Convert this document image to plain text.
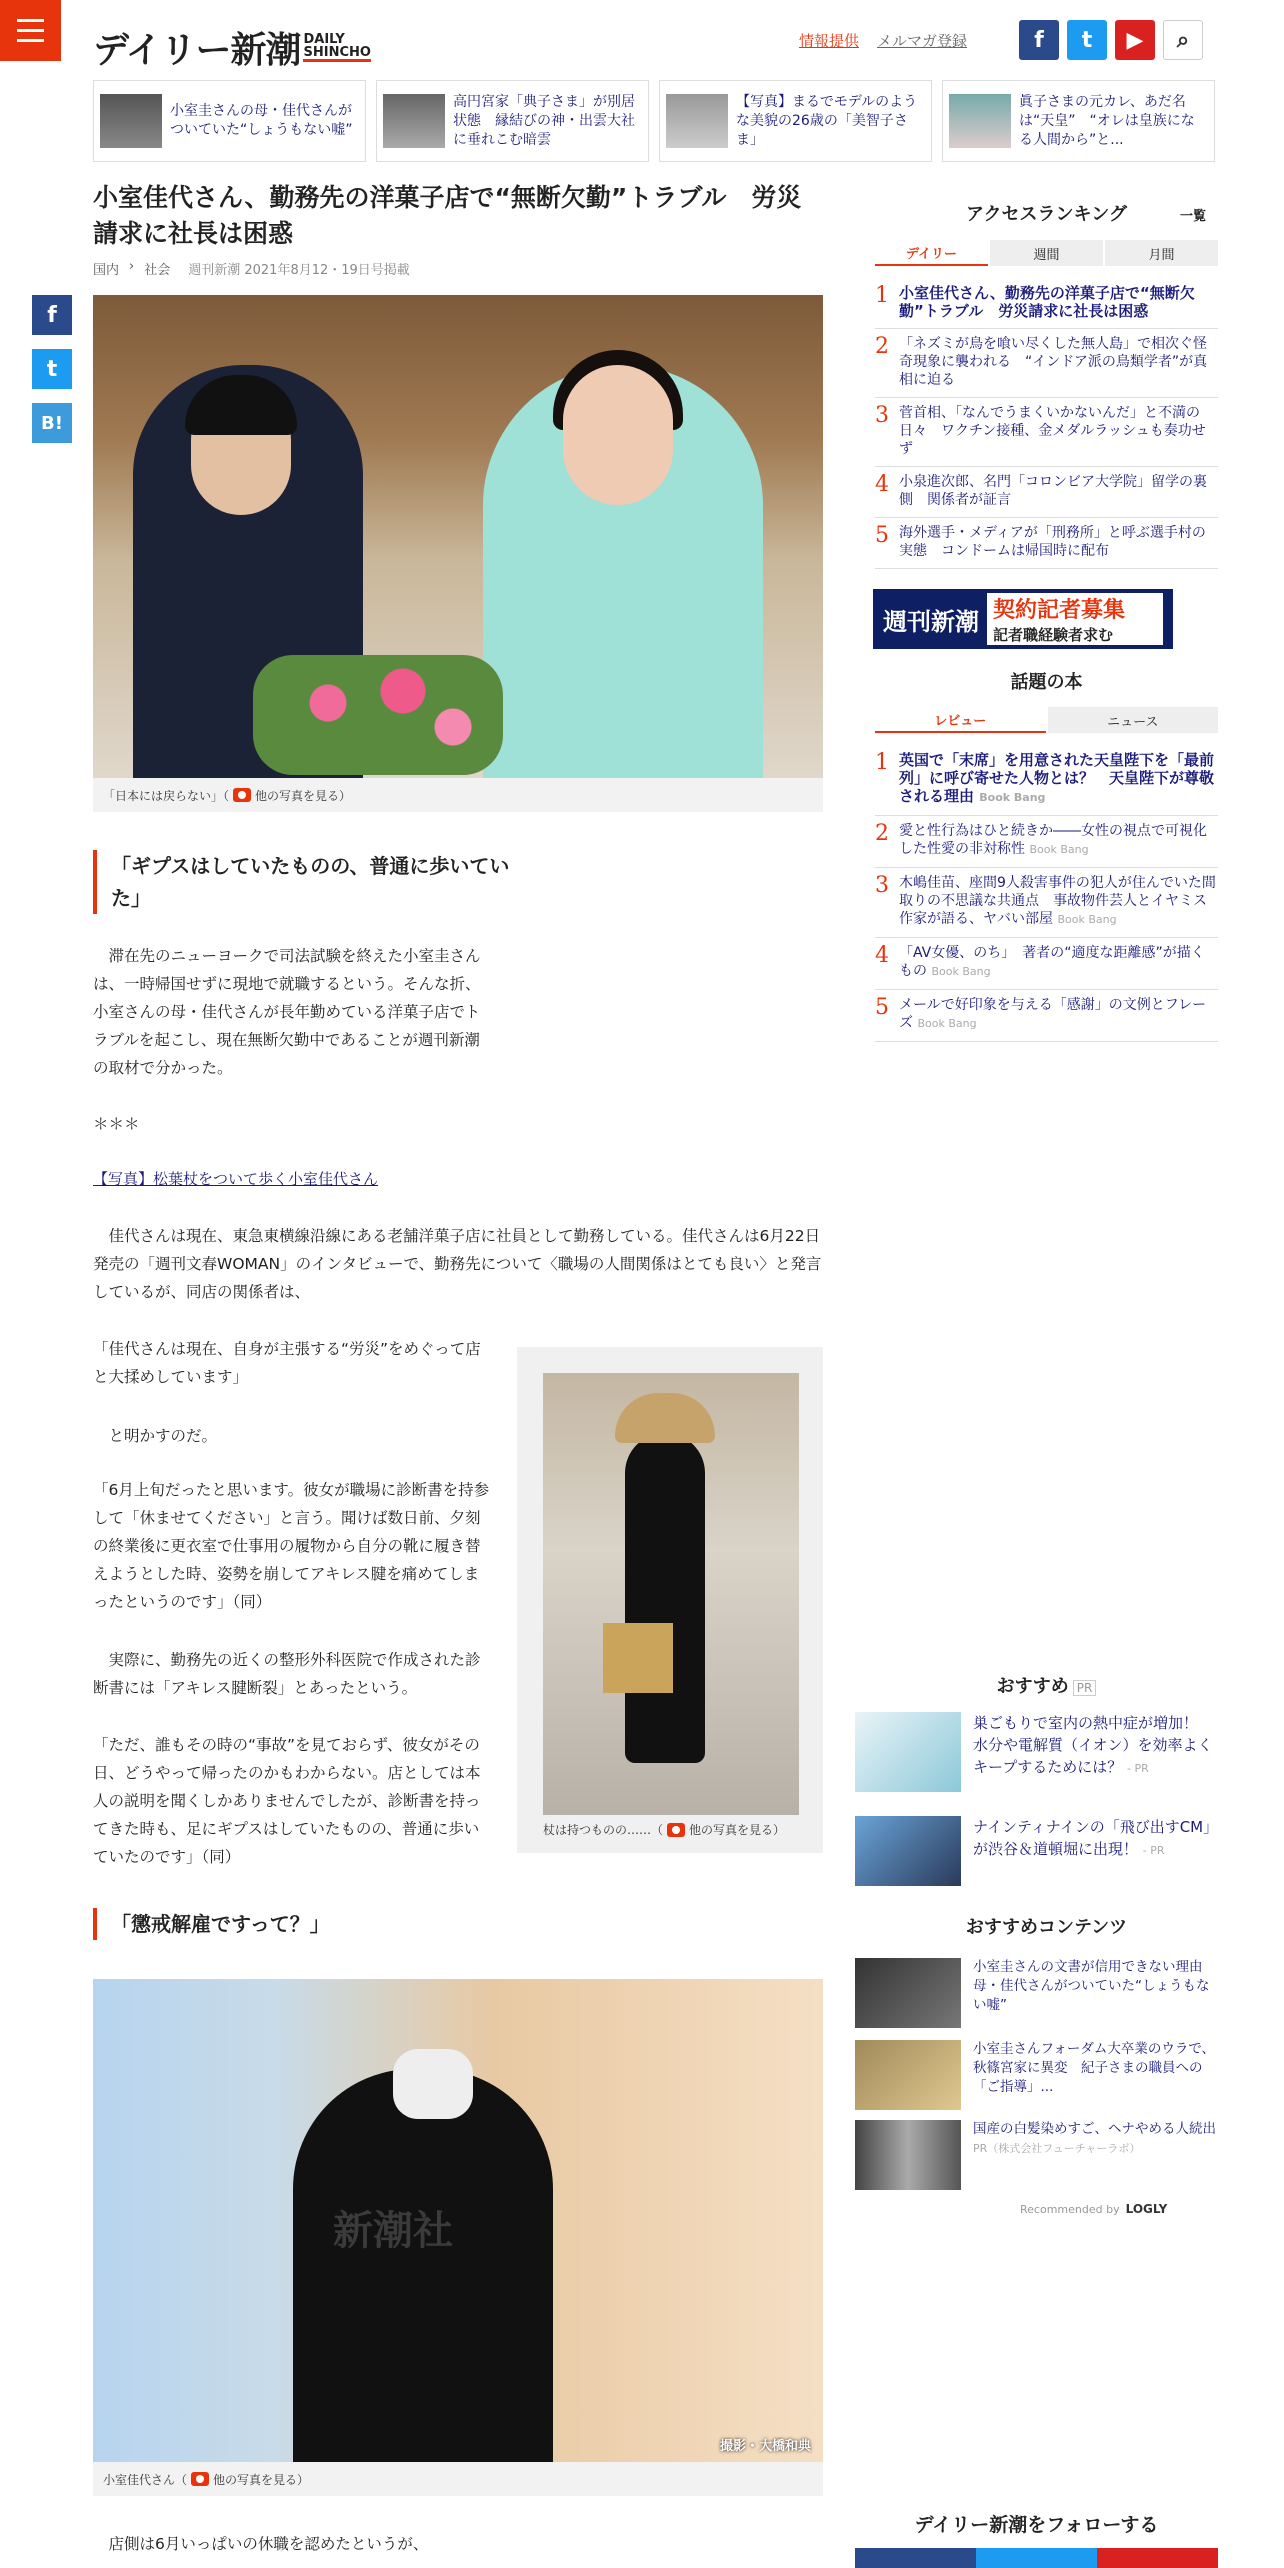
デイリー新潮 DAILY
SHINCHO
情報提供 メルマガ登録	f	t	▶	⌕
小室圭さんの母・佳代さんがついていた“しょうもない嘘”
高円宮家「典子さま」が別居状態　縁結びの神・出雲大社に垂れこむ暗雲
【写真】まるでモデルのような美貌の26歳の「美智子さま」
眞子さまの元カレ、あだ名は“天皇”　“オレは皇族になる人間から”と...
f
t
B!
小室佳代さん、勤務先の洋菓子店で“無断欠勤”トラブル　労災請求に社長は困惑
国内 › 社会 週刊新潮 2021年8月12・19日号掲載
「日本には戻らない」（ 他の写真を見る）
「ギプスはしていたものの、普通に歩いていた」

　滞在先のニューヨークで司法試験を終えた小室圭さんは、一時帰国せずに現地で就職するという。そんな折、小室さんの母・佳代さんが長年勤めている洋菓子店でトラブルを起こし、現在無断欠勤中であることが週刊新潮の取材で分かった。

＊＊＊

【写真】松葉杖をついて歩く小室佳代さん

　佳代さんは現在、東急東横線沿線にある老舗洋菓子店に社員として勤務している。佳代さんは6月22日発売の「週刊文春WOMAN」のインタビューで、勤務先について〈職場の人間関係はとても良い〉と発言しているが、同店の関係者は、

「佳代さんは現在、自身が主張する“労災”をめぐって店と大揉めしています」

　と明かすのだ。

「6月上旬だったと思います。彼女が職場に診断書を持参して「休ませてください」と言う。聞けば数日前、夕刻の終業後に更衣室で仕事用の履物から自分の靴に履き替えようとした時、姿勢を崩してアキレス腱を痛めてしまったというのです」（同）

　実際に、勤務先の近くの整形外科医院で作成された診断書には「アキレス腱断裂」とあったという。

「ただ、誰もその時の“事故”を見ておらず、彼女がその日、どうやって帰ったのかもわからない。店としては本人の説明を聞くしかありませんでしたが、診断書を持ってきた時も、足にギプスはしていたものの、普通に歩いていたのです」（同）

杖は持つものの……（ 他の写真を見る）
「懲戒解雇ですって？」
新潮社
撮影・大橋和典
小室佳代さん（ 他の写真を見る）

　店側は6月いっぱいの休職を認めたというが、

アクセスランキング	一覧
デイリー	週間	月間
1 小室佳代さん、勤務先の洋菓子店で“無断欠勤”トラブル　労災請求に社長は困惑
2 「ネズミが鳥を喰い尽くした無人島」で相次ぐ怪奇現象に襲われる　“インドア派の鳥類学者”が真相に迫る
3 菅首相、「なんでうまくいかないんだ」と不満の日々　ワクチン接種、金メダルラッシュも奏功せず
4 小泉進次郎、名門「コロンビア大学院」留学の裏側　関係者が証言
5 海外選手・メディアが「刑務所」と呼ぶ選手村の実態　コンドームは帰国時に配布
週刊新潮 契約記者募集
記者職経験者求む
話題の本
レビュー	ニュース
1 英国で「末席」を用意された天皇陛下を「最前列」に呼び寄せた人物とは？　天皇陛下が尊敬される理由 Book Bang
2 愛と性行為はひと続きか――女性の視点で可視化した性愛の非対称性 Book Bang
3 木嶋佳苗、座間9人殺害事件の犯人が住んでいた間取りの不思議な共通点　事故物件芸人とイヤミス作家が語る、ヤバい部屋 Book Bang
4 「AV女優、のち」　著者の“適度な距離感”が描くもの Book Bang
5 メールで好印象を与える「感謝」の文例とフレーズ Book Bang
おすすめ PR
巣ごもりで室内の熱中症が増加！　水分や電解質（イオン）を効率よくキープするためには？ - PR
ナインティナインの「飛び出すCM」が渋谷＆道頓堀に出現！ - PR
おすすめコンテンツ
小室圭さんの文書が信用できない理由　母・佳代さんがついていた“しょうもない嘘”
小室圭さんフォーダム大卒業のウラで、秋篠宮家に異変　紀子さまの職員への「ご指導」...
国産の白髪染めすご、ヘナやめる人続出
PR（株式会社フューチャーラボ）
Recommended by LOGLY
デイリー新潮をフォローする
